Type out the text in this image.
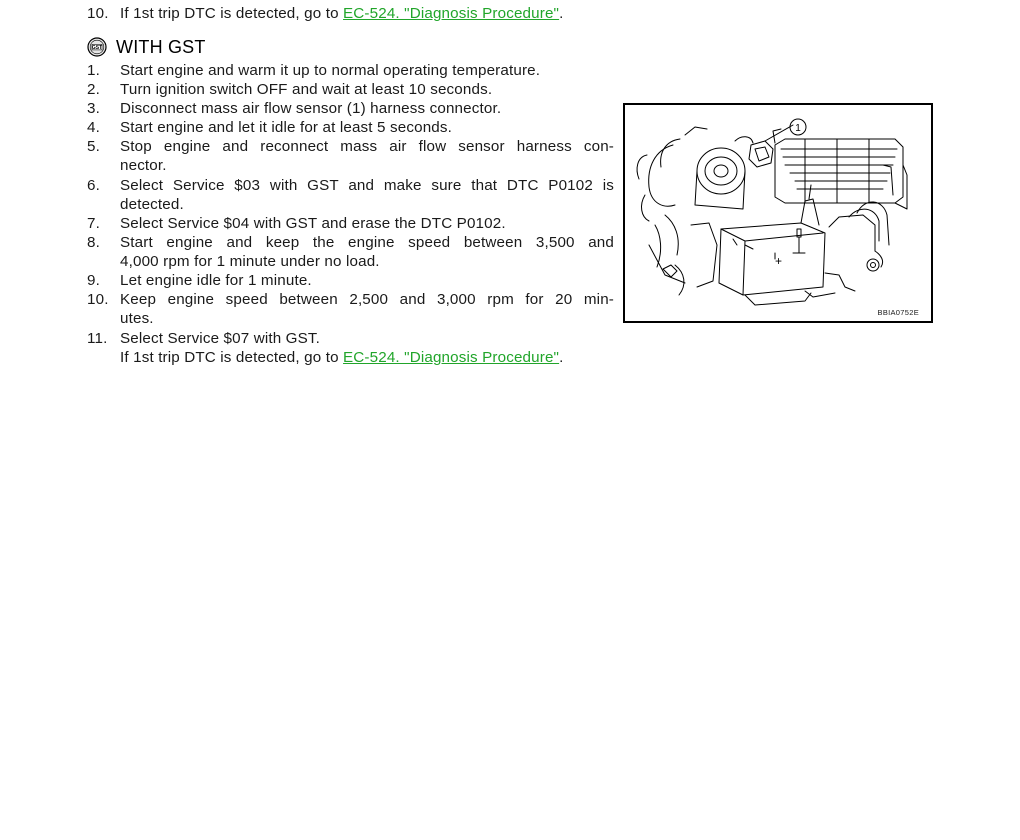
10. If 1st trip DTC is detected, go to EC-524. "Diagnosis Procedure".
GST WITH GST
1.	Start engine and warm it up to normal operating temperature.
2.	Turn ignition switch OFF and wait at least 10 seconds.
3.	Disconnect mass air flow sensor (1) harness connector.
4.	Start engine and let it idle for at least 5 seconds.
5.	Stop engine and reconnect mass air flow sensor harness con-
nector.
6.	Select Service $03 with GST and make sure that DTC P0102 is
detected.
7.	Select Service $04 with GST and erase the DTC P0102.
8.	Start engine and keep the engine speed between 3,500 and
4,000 rpm for 1 minute under no load.
9.	Let engine idle for 1 minute.
10. Keep engine speed between 2,500 and 3,000 rpm for 20 min-
utes.
11. Select Service $07 with GST.
If 1st trip DTC is detected, go to EC-524. "Diagnosis Procedure".
1
+
BBIA0752E
